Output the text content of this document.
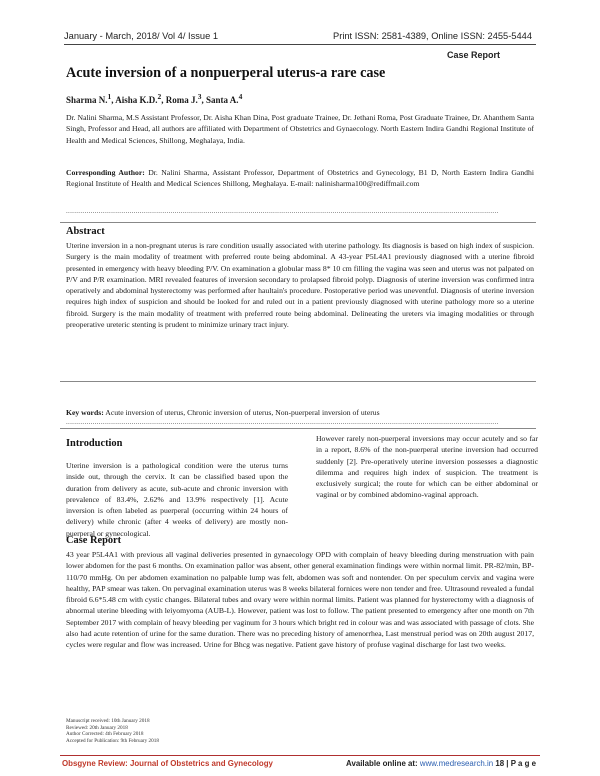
January - March, 2018/ Vol 4/ Issue 1	Print ISSN: 2581-4389, Online ISSN: 2455-5444
Case Report
Acute inversion of a nonpuerperal uterus-a rare case
Sharma N.$^1$, Aisha K.D.$^2$, Roma J.$^3$, Santa A.$^4$

Dr. Nalini Sharma, M.S Assistant Professor, Dr. Aisha Khan Dina, Post graduate Trainee, Dr. Jethani Roma, Post Graduate Trainee, Dr. Ahanthem Santa Singh, Professor and Head, all authors are affiliated with Department of Obstetrics and Gynaecology. North Eastern Indira Gandhi Regional Institute of Health and Medical Sciences, Shillong, Meghalaya, India.

Corresponding Author: Dr. Nalini Sharma, Assistant Professor, Department of Obstetrics and Gynecology, B1 D, North Eastern Indira Gandhi Regional Institute of Health and Medical Sciences Shillong, Meghalaya. E-mail: nalinisharma100@rediffmail.com

...................................................................................................................................................................................................................
Abstract

Uterine inversion in a non-pregnant uterus is rare condition usually associated with uterine pathology. Its diagnosis is based on high index of suspicion. Surgery is the main modality of treatment with preferred route being abdominal. A 43-year P5L4A1 previously diagnosed with a uterine fibroid presented in emergency with heavy bleeding P/V. On examination a globular mass 8* 10 cm filling the vagina was seen and uterus was not palpated on P/V and P/R examination. MRI revealed features of inversion secondary to prolapsed fibroid polyp. Diagnosis of uterine inversion was confirmed intra operatively and abdominal hysterectomy was performed after haultain's procedure. Postoperative period was uneventful. Diagnosis of uterine inversion requires high index of suspicion and should be looked for and ruled out in a patient previously diagnosed with uterine pathology more so a uterine fibroid. Surgery is the main modality of treatment with preferred route being abdominal. Delineating the ureters via imaging modalities or through preoperative ureteric stenting is prudent to minimize urinary tract injury.

Key words: Acute inversion of uterus, Chronic inversion of uterus, Non-puerperal inversion of uterus
...................................................................................................................................................................................................................
Introduction
Uterine inversion is a pathological condition were the uterus turns inside out, through the cervix. It can be classified based upon the duration from delivery as acute, sub-acute and chronic inversion with prevalence of 83.4%, 2.62% and 13.9% respectively [1]. Acute inversion is often labeled as puerperal (occurring within 24 hours of delivery) while chronic (after 4 weeks of delivery) are mostly non-puerperal or gynecological.
However rarely non-puerperal inversions may occur acutely and so far in a report, 8.6% of the non-puerperal uterine inversion had occurred suddenly [2]. Pre-operatively uterine inversion possesses a diagnostic dilemma and requires high index of suspicion. The treatment is exclusively surgical; the route for which can be either abdominal or vaginal or by combined abdomino-vaginal approach.
Case Report

43 year P5L4A1 with previous all vaginal deliveries presented in gynaecology OPD with complain of heavy bleeding during menstruation with pain lower abdomen for the past 6 months. On examination pallor was absent, other general examination findings were within normal limit. PR-82/min, BP-110/70 mmHg. On per abdomen examination no palpable lump was felt, abdomen was soft and nontender. On per speculum cervix and vagina were healthy, PAP smear was taken. On pervaginal examination uterus was 8 weeks bilateral fornices were non tender and free. Ultrasound revealed a fundal fibroid 6.6*5.48 cm with cystic changes. Bilateral tubes and ovary were within normal limits. Patient was planned for hysterectomy with a diagnosis of abnormal uterine bleeding with leiyomyoma (AUB-L). However, patient was lost to follow. The patient presented to emergency after one month on 7th September 2017 with complain of heavy bleeding per vaginum for 3 hours which bright red in colour was and was associated with passage of clots. She also had acute retention of urine for the same duration. There was no preceding history of amenorrhea, Last menstrual period was on 20th august 2017, cycles were regular and flow was increased. Urine for Bhcg was negative. Patient gave history of profuse vaginal discharge for last two weeks.

Manuscript received: 10th January 2018
Reviewed: 20th January 2018
Author Corrected: 4th February 2018
Accepted for Publication: 9th February 2018
Obsgyne Review: Journal of Obstetrics and Gynecology	Available online at: www.medresearch.in 18 | P a g e
